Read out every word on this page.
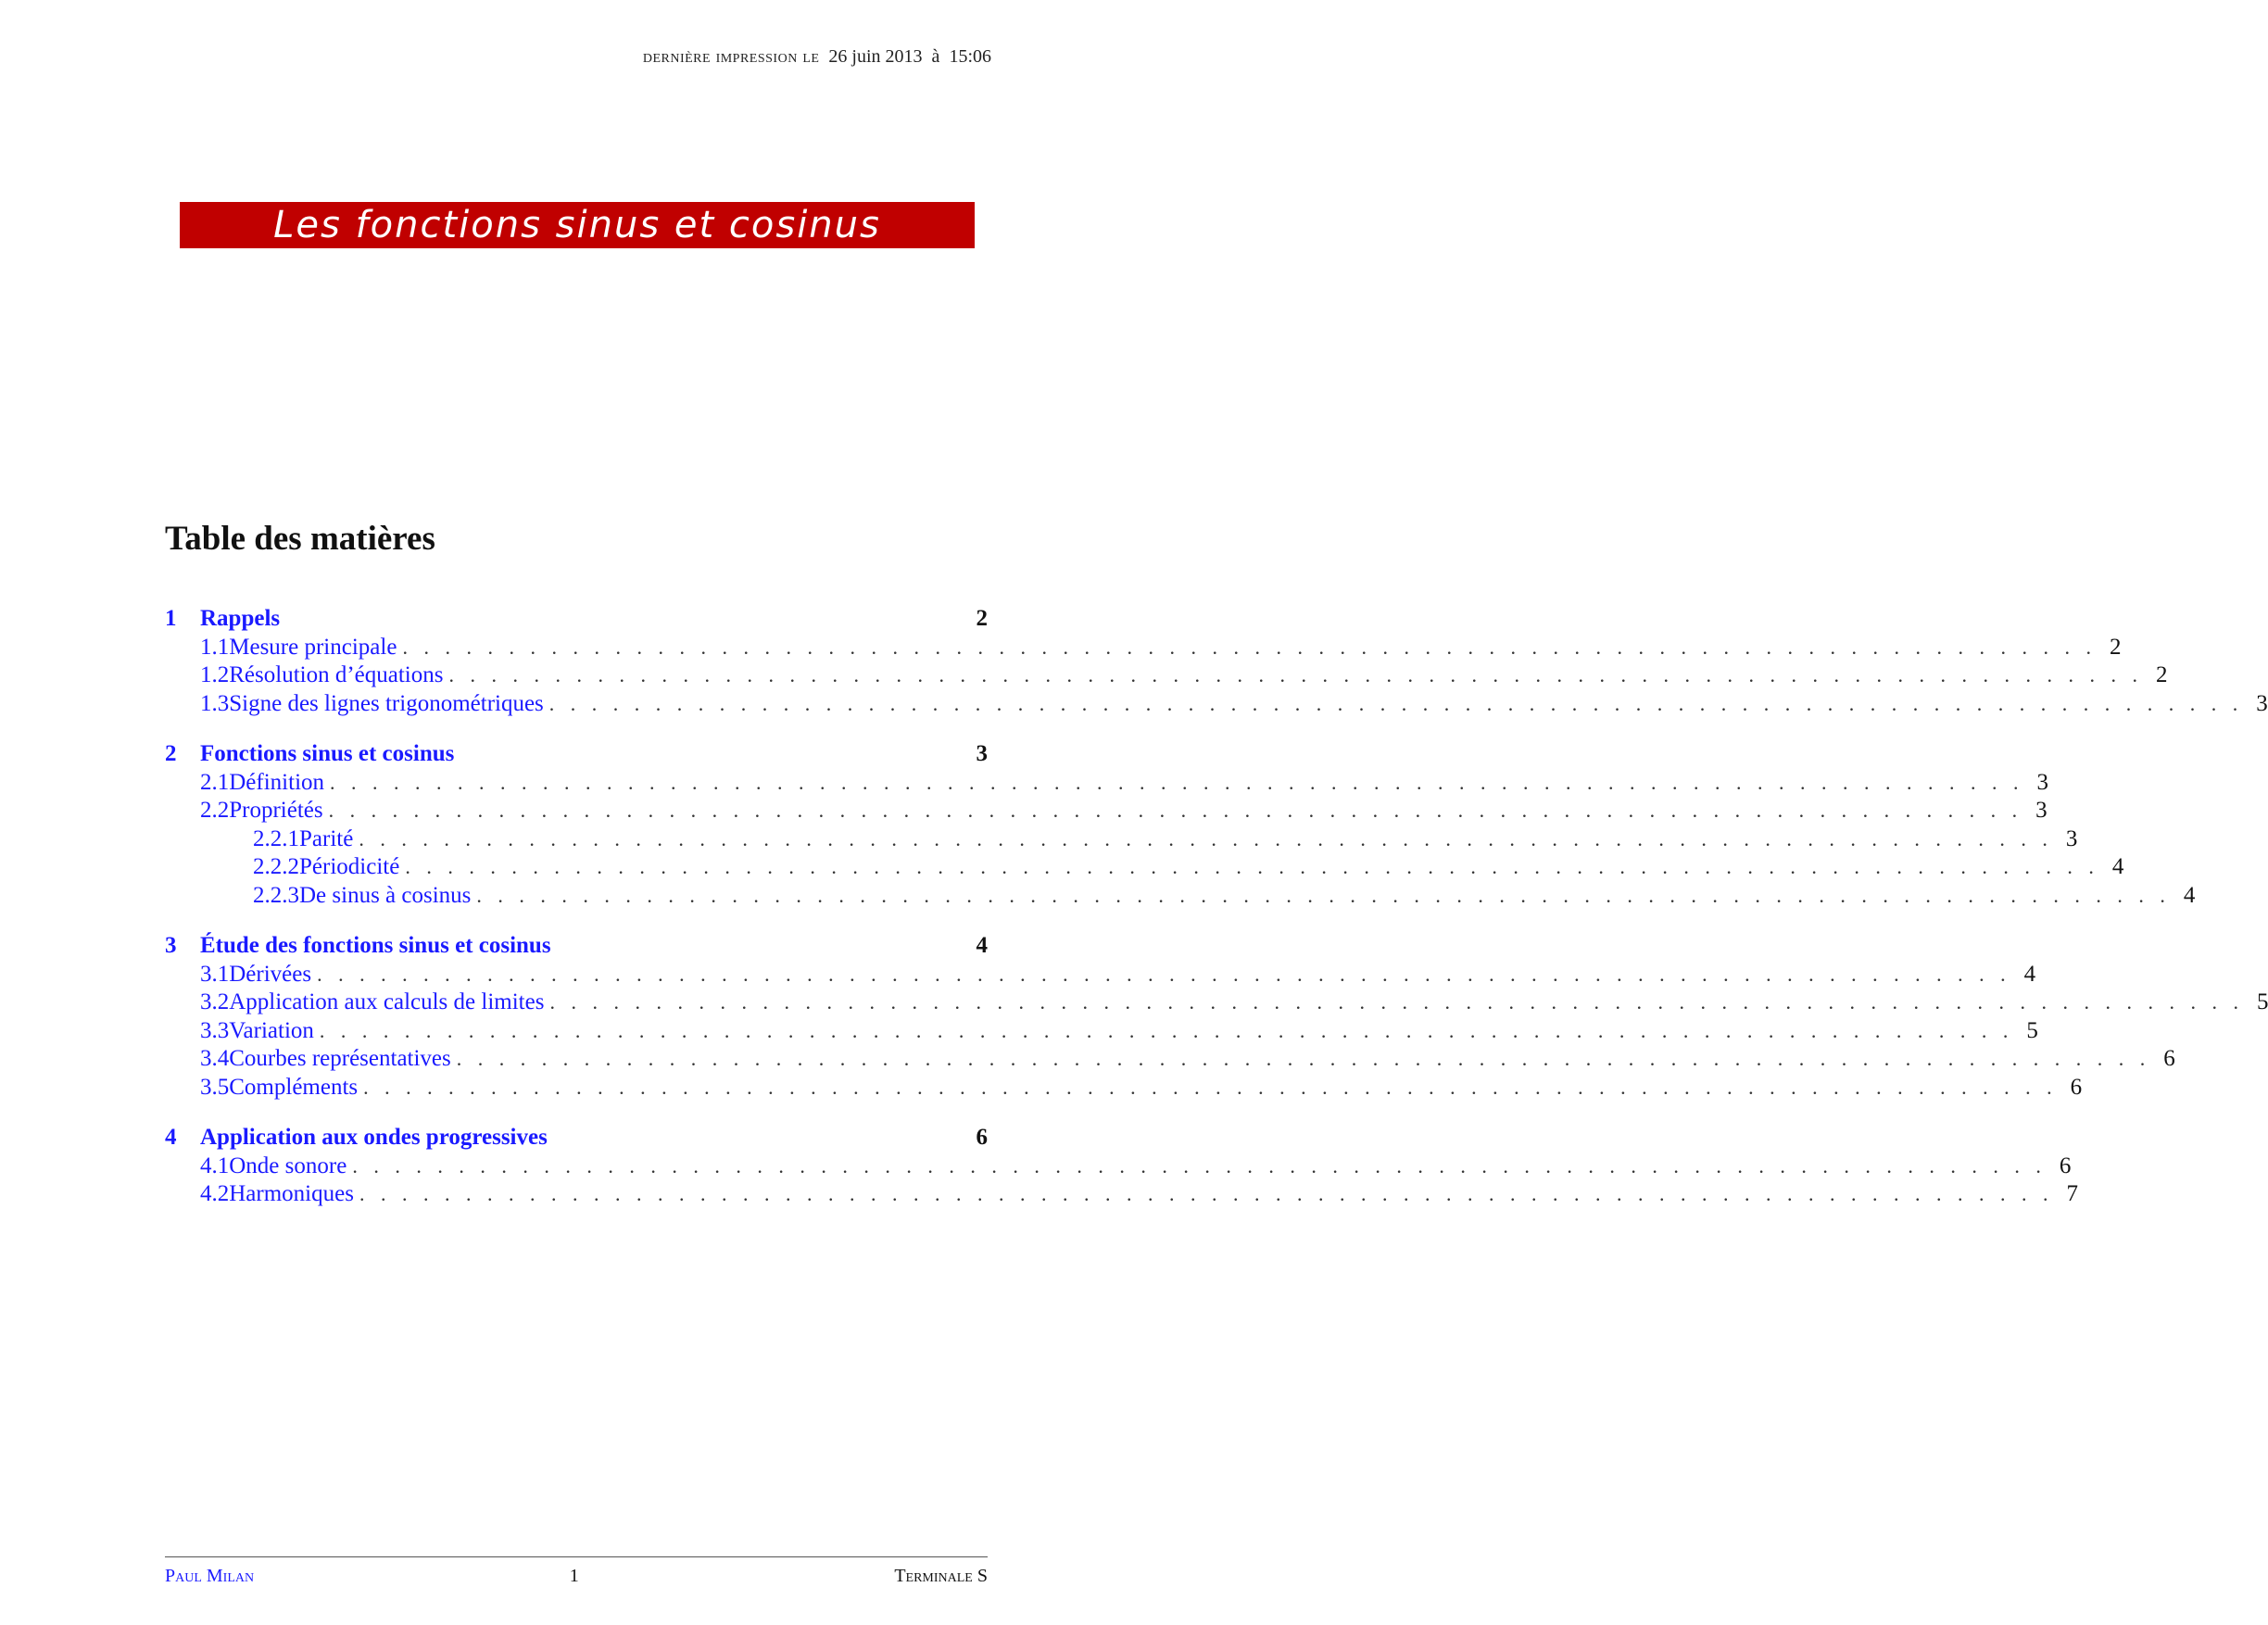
dernière impression le 26 juin 2013 à 15:06
Les fonctions sinus et cosinus
Table des matières
1	Rappels	2
1.1 Mesure principale . . . . . . . . . . . . . . . . . . . . . . . . . . . . . . . . . . . . . . . . . . . . . . . . . . . . . . . . . . . . . . . . . . . . . . . . . . . . . . . . 2
1.2 Résolution d’équations . . . . . . . . . . . . . . . . . . . . . . . . . . . . . . . . . . . . . . . . . . . . . . . . . . . . . . . . . . . . . . . . . . . . . . . . . . . . . . . . 2
1.3 Signe des lignes trigonométriques . . . . . . . . . . . . . . . . . . . . . . . . . . . . . . . . . . . . . . . . . . . . . . . . . . . . . . . . . . . . . . . . . . . . . . . . . . . . . . . . 3
2	Fonctions sinus et cosinus	3
2.1 Définition . . . . . . . . . . . . . . . . . . . . . . . . . . . . . . . . . . . . . . . . . . . . . . . . . . . . . . . . . . . . . . . . . . . . . . . . . . . . . . . . 3
2.2 Propriétés . . . . . . . . . . . . . . . . . . . . . . . . . . . . . . . . . . . . . . . . . . . . . . . . . . . . . . . . . . . . . . . . . . . . . . . . . . . . . . . . 3
2.2.1 Parité . . . . . . . . . . . . . . . . . . . . . . . . . . . . . . . . . . . . . . . . . . . . . . . . . . . . . . . . . . . . . . . . . . . . . . . . . . . . . . . . 3
2.2.2 Périodicité . . . . . . . . . . . . . . . . . . . . . . . . . . . . . . . . . . . . . . . . . . . . . . . . . . . . . . . . . . . . . . . . . . . . . . . . . . . . . . . . 4
2.2.3 De sinus à cosinus . . . . . . . . . . . . . . . . . . . . . . . . . . . . . . . . . . . . . . . . . . . . . . . . . . . . . . . . . . . . . . . . . . . . . . . . . . . . . . . . 4
3	Étude des fonctions sinus et cosinus	4
3.1 Dérivées . . . . . . . . . . . . . . . . . . . . . . . . . . . . . . . . . . . . . . . . . . . . . . . . . . . . . . . . . . . . . . . . . . . . . . . . . . . . . . . . 4
3.2 Application aux calculs de limites . . . . . . . . . . . . . . . . . . . . . . . . . . . . . . . . . . . . . . . . . . . . . . . . . . . . . . . . . . . . . . . . . . . . . . . . . . . . . . . . 5
3.3 Variation . . . . . . . . . . . . . . . . . . . . . . . . . . . . . . . . . . . . . . . . . . . . . . . . . . . . . . . . . . . . . . . . . . . . . . . . . . . . . . . . 5
3.4 Courbes représentatives . . . . . . . . . . . . . . . . . . . . . . . . . . . . . . . . . . . . . . . . . . . . . . . . . . . . . . . . . . . . . . . . . . . . . . . . . . . . . . . . 6
3.5 Compléments . . . . . . . . . . . . . . . . . . . . . . . . . . . . . . . . . . . . . . . . . . . . . . . . . . . . . . . . . . . . . . . . . . . . . . . . . . . . . . . . 6
4	Application aux ondes progressives	6
4.1 Onde sonore . . . . . . . . . . . . . . . . . . . . . . . . . . . . . . . . . . . . . . . . . . . . . . . . . . . . . . . . . . . . . . . . . . . . . . . . . . . . . . . . 6
4.2 Harmoniques . . . . . . . . . . . . . . . . . . . . . . . . . . . . . . . . . . . . . . . . . . . . . . . . . . . . . . . . . . . . . . . . . . . . . . . . . . . . . . . . 7
Paul Milan	1	Terminale S
